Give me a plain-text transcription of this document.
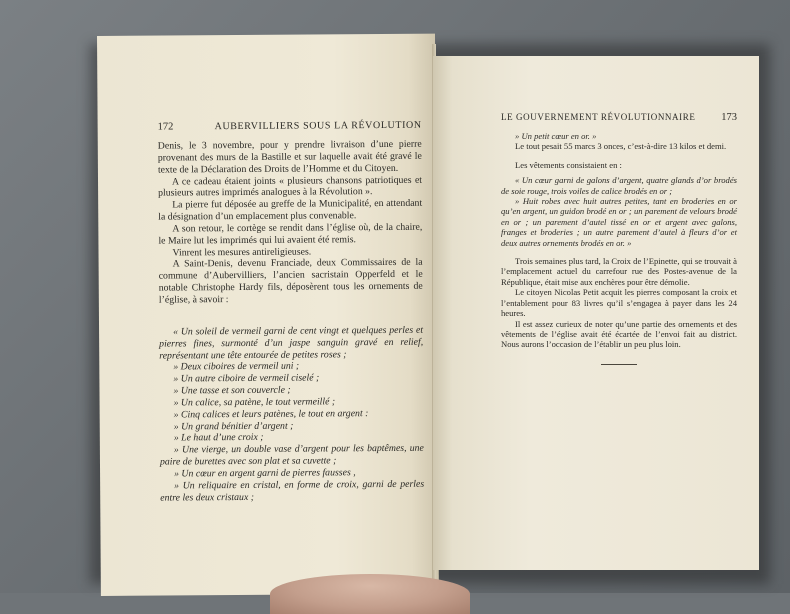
172	AUBERVILLIERS SOUS LA RÉVOLUTION

Denis, le 3 novembre, pour y prendre livraison d’une pierre provenant des murs de la Bastille et sur laquelle avait été gravé le texte de la Déclaration des Droits de l’Homme et du Citoyen.

A ce cadeau étaient joints « plusieurs chansons patriotiques et plusieurs autres imprimés analogues à la Révolution ».

La pierre fut déposée au greffe de la Municipalité, en attendant la désignation d’un emplacement plus convenable.

A son retour, le cortège se rendit dans l’église où, de la chaire, le Maire lut les imprimés qui lui avaient été remis.

Vinrent les mesures antireligieuses.

A Saint-Denis, devenu Franciade, deux Commissaires de la commune d’Aubervilliers, l’ancien sacristain Opperfeld et le notable Christophe Hardy fils, déposèrent tous les ornements de l’église, à savoir :

« Un soleil de vermeil garni de cent vingt et quelques perles et pierres fines, surmonté d’un jaspe sanguin gravé en relief, représentant une tête entourée de petites roses ;

» Deux ciboires de vermeil uni ;

» Un autre ciboire de vermeil ciselé ;

» Une tasse et son couvercle ;

» Un calice, sa patène, le tout vermeillé ;

» Cinq calices et leurs patènes, le tout en argent :

» Un grand bénitier d’argent ;

» Le haut d’une croix ;

» Une vierge, un double vase d’argent pour les baptêmes, une paire de burettes avec son plat et sa cuvette ;

» Un cœur en argent garni de pierres fausses ,

» Un reliquaire en cristal, en forme de croix, garni de perles entre les deux cristaux ;

LE GOUVERNEMENT RÉVOLUTIONNAIRE 173

» Un petit cœur en or. »

Le tout pesait 55 marcs 3 onces, c’est-à-dire 13 kilos et demi.

Les vêtements consistaient en :

« Un cœur garni de galons d’argent, quatre glands d’or brodés de soie rouge, trois voiles de calice brodés en or ;

» Huit robes avec huit autres petites, tant en broderies en or qu’en argent, un guidon brodé en or ; un parement de velours brodé en or ; un parement d’autel tissé en or et argent avec galons, franges et broderies ; un autre parement d’autel à fleurs d’or et deux autres ornements brodés en or. »

Trois semaines plus tard, la Croix de l’Epinette, qui se trouvait à l’emplacement actuel du carrefour rue des Postes-avenue de la République, était mise aux enchères pour être démolie.

Le citoyen Nicolas Petit acquit les pierres composant la croix et l’entablement pour 83 livres qu’il s’engagea à payer dans les 24 heures.

Il est assez curieux de noter qu’une partie des ornements et des vêtements de l’église avait été écartée de l’envoi fait au district. Nous aurons l’occasion de l’établir un peu plus loin.
